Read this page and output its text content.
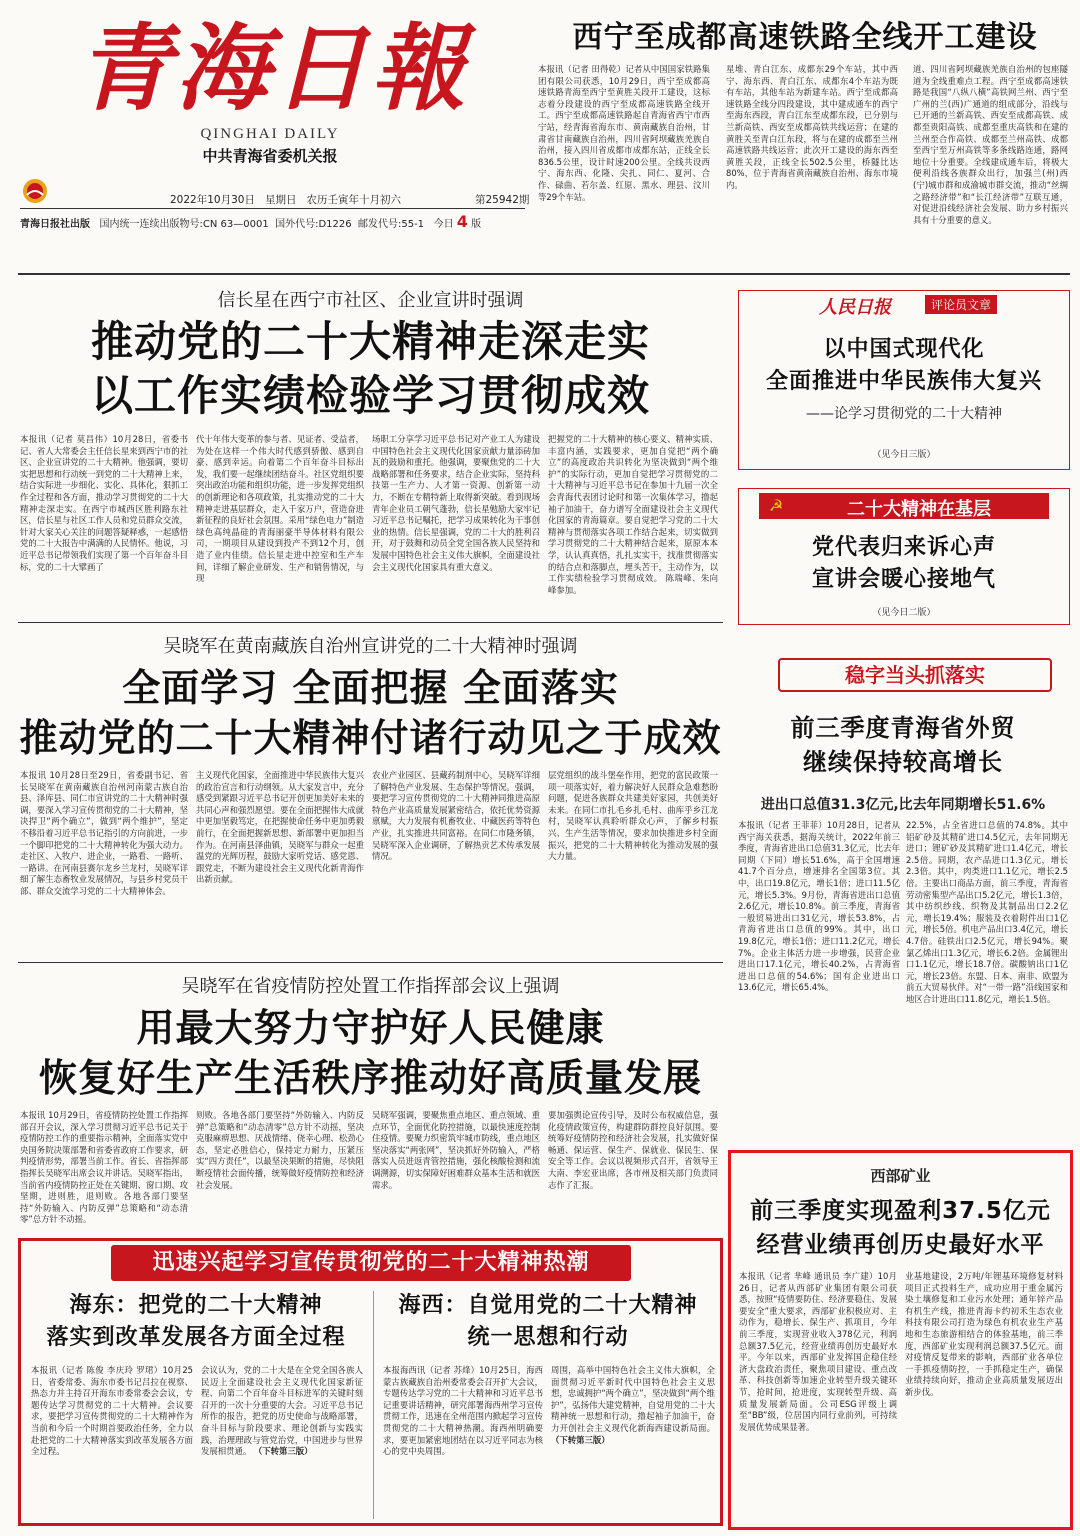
青海日報
QINGHAI DAILY
中共青海省委机关报
2022年10月30日 星期日 农历壬寅年十月初六	第25942期
青海日报社出版 国内统一连续出版物号:CN 63—0001 国外代号:D1226 邮发代号:55-1 今日 4 版
西宁至成都高速铁路全线开工建设
本报讯（记者 田得乾）记者从中国国家铁路集团有限公司获悉，10月29日，西宁至成都高速铁路青海至西宁至黄胜关段开工建设，这标志着分段建设的西宁至成都高速铁路全线开工。西宁至成都高速铁路起自青海省西宁市西宁站，经青海省海东市、黄南藏族自治州，甘肃省甘南藏族自治州，四川省阿坝藏族羌族自治州，接入四川省成都市成都东站，正线全长836.5公里，设计时速200公里。全线共设西宁、海东西、化隆、尖扎、同仁、夏河、合作、碌曲、若尔盖、红原、黑水、理县、汶川等29个车站。
星堆、青白江东、成都东29个车站，其中西宁、海东西、青白江东、成都东4个车站为既有车站，其他车站为新建车站。西宁至成都高速铁路全线分四段建设，其中建成通车的西宁至海东西段，青白江东至成都东段，已分别与兰新高铁、西安至成都高铁共线运营；在建的黄胜关至青白江东段，将与在建的成都至兰州高速铁路共线运营；此次开工建设的海东西至黄胜关段，正线全长502.5公里，桥隧比达80%，位于青海省黄南藏族自治州、海东市境内。
道、四川省阿坝藏族羌族自治州的包座隧道为全线重难点工程。西宁至成都高速铁路是我国“八纵八横”高铁网兰州、西宁至广州的兰(西)广通道的组成部分，沿线与已开通的兰新高铁、西安至成都高铁、成都至贵阳高铁、成都至重庆高铁和在建的兰州至合作高铁、成都至兰州高铁、成都至西宁至万州高铁等多条线路连通，路网地位十分重要。全线建成通车后，将极大便利沿线各族群众出行，加强兰(州)西(宁)城市群和成渝城市群交流，推动“丝绸之路经济带”和“长江经济带”互联互通，对促进沿线经济社会发展、助力乡村振兴具有十分重要的意义。
信长星在西宁市社区、企业宣讲时强调
推动党的二十大精神走深走实
以工作实绩检验学习贯彻成效
本报讯（记者 莫昌伟）10月28日，省委书记、省人大常委会主任信长星来到西宁市的社区、企业宣讲党的二十大精神。他强调，要切实把思想和行动统一到党的二十大精神上来，结合实际进一步细化、实化、具体化，狠抓工作全过程和各方面，推动学习贯彻党的二十大精神走深走实。在西宁市城西区胜利路东社区，信长星与社区工作人员和党员群众交流，针对大家关心关注的问题答疑释惑，一起感悟党的二十大报告中满满的人民情怀。他说，习近平总书记带领我们实现了第一个百年奋斗目标，党的二十大擘画了
代十年伟大变革的参与者、见证者、受益者，为处在这样一个伟大时代感到骄傲、感到自豪、感到幸运。向着第二个百年奋斗目标出发，我们要一起继续团结奋斗。社区党组织要突出政治功能和组织功能，进一步发挥党组织的创新理论和各项政策，扎实推动党的二十大精神走进基层群众，走入千家万户，营造奋进新征程的良好社会氛围。采用“绿色电力”制造绿色高纯晶硅的青海丽豪半导体材料有限公司，一期项目从建设到投产不到12个月，创造了业内佳绩。信长星走进中控室和生产车间，详细了解企业研发、生产和销售情况，与现
场职工分享学习近平总书记对产业工人为建设中国特色社会主义现代化国家贡献力量添砖加瓦的鼓励和重托。他强调，要聚焦党的二十大战略部署和任务要求，结合企业实际，坚持科技第一生产力、人才第一资源、创新第一动力，不断在专精特新上取得新突破。看到现场青年企业员工朝气蓬勃，信长星勉励大家牢记习近平总书记嘱托，把学习成果转化为干事创业的热情。信长星强调，党的二十大的胜利召开，对于鼓舞和动员全党全国各族人民坚持和发展中国特色社会主义伟大旗帜，全面建设社会主义现代化国家具有重大意义。
把握党的二十大精神的核心要义、精神实质、丰富内涵，实践要求，更加自觉把“两个确立”的高度政治共识转化为坚决做到“两个维护”的实际行动，更加自觉把学习贯彻党的二十大精神与习近平总书记在参加十九届一次全会青海代表团讨论时和第一次集体学习，撸起袖子加油干，奋力谱写全面建设社会主义现代化国家的青海篇章。要自觉把学习党的二十大精神与贯彻落实各项工作结合起来，切实做到学习贯彻党的二十大精神结合起来，原原本本学，认认真真悟，扎扎实实干，找准贯彻落实的结合点和落脚点，埋头苦干，主动作为，以工作实绩检验学习贯彻成效。 陈瑞峰、朱向峰参加。
人民日报	评论员文章
以中国式现代化
全面推进中华民族伟大复兴
——论学习贯彻党的二十大精神
（见今日三版）
☭	二十大精神在基层
党代表归来诉心声
宣讲会暖心接地气
（见今日二版）
吴晓军在黄南藏族自治州宣讲党的二十大精神时强调
全面学习 全面把握 全面落实
推动党的二十大精神付诸行动见之于成效
本报讯 10月28日至29日，省委副书记、省长吴晓军在黄南藏族自治州河南蒙古族自治县、泽库县、同仁市宣讲党的二十大精神时强调，要深入学习宣传贯彻党的二十大精神，坚决捍卫“两个确立”，做到“两个维护”，坚定不移沿着习近平总书记指引的方向前进，一步一个脚印把党的二十大精神转化为强大动力。走社区、入牧户、进企业，一路看、一路听、一路讲。在河南县赛尔龙乡兰龙村，吴晓军详细了解生态畜牧业发展情况，与县乡村党员干部、群众交流学习党的二十大精神体会。
主义现代化国家，全面推进中华民族伟大复兴的政治宣言和行动纲领。从大家发言中，充分感受到紧跟习近平总书记开创更加美好未来的共同心声和强烈愿望。要在全面把握伟大成就中更加坚毅笃定，在把握使命任务中更加勇毅前行，在全面把握新思想、新部署中更加担当作为。在河南县泽曲镇，吴晓军与群众一起重温党的光辉历程，鼓励大家听党话、感党恩、跟党走，不断为建设社会主义现代化新青海作出新贡献。
农业产业园区、县藏药制剂中心，吴晓军详细了解特色产业发展、生态保护等情况。强调，要把学习宣传贯彻党的二十大精神同推进高原特色产业高质量发展紧密结合，依托优势资源禀赋，大力发展有机畜牧业、中藏医药等特色产业，扎实推进共同富裕。在同仁市隆务镇，吴晓军深入企业调研，了解热贡艺术传承发展情况。
层党组织的战斗堡垒作用，把党的富民政策一项一项落实好，着力解决好人民群众急难愁盼问题，促进各族群众共建美好家园，共创美好未来。在同仁市扎毛乡扎毛村、曲库乎乡江龙村，吴晓军认真聆听群众心声，了解乡村振兴、生产生活等情况，要求加快推进乡村全面振兴，把党的二十大精神转化为推动发展的强大力量。
稳字当头抓落实
前三季度青海省外贸
继续保持较高增长
进出口总值31.3亿元,比去年同期增长51.6%
本报讯（记者 王菲菲）10月28日，记者从西宁海关获悉，据海关统计，2022年前三季度，青海省进出口总值31.3亿元，比去年同期（下同）增长51.6%，高于全国增速41.7个百分点，增速排名全国第3位。其中，出口19.8亿元，增长1倍；进口11.5亿元，增长5.3%。9月份，青海省进出口总值2.6亿元，增长10.8%。前三季度，青海省一般贸易进出口31亿元，增长53.8%，占青海省进出口总值的99%。其中，出口19.8亿元，增长1倍；进口11.2亿元，增长7%。企业主体活力进一步增强，民营企业进出口17.1亿元，增长40.2%，占青海省进出口总值的54.6%；国有企业进出口13.6亿元，增长65.4%。
22.5%，占全省进口总值的74.8%。其中铝矿砂及其精矿进口4.5亿元，去年同期无进口；锂矿砂及其精矿进口1.4亿元，增长2.5倍。同期，农产品进口1.3亿元，增长2.3倍。其中，肉类进口1.1亿元，增长2.5倍。主要出口商品方面，前三季度，青海省劳动密集型产品出口5.2亿元，增长1.3倍，其中纺织纱线、织物及其制品出口2.2亿元，增长19.4%；服装及衣着附件出口1亿元，增长5倍。机电产品出口3.4亿元，增长4.7倍。硅铁出口2.5亿元，增长94%。聚氯乙烯出口1.3亿元，增长6.2倍。金属锂出口1.1亿元，增长18.7倍。碳酸钠出口1亿元，增长23倍。东盟、日本、南非、欧盟为前五大贸易伙伴。对“一带一路”沿线国家和地区合计进出口11.8亿元，增长1.5倍。
吴晓军在省疫情防控处置工作指挥部会议上强调
用最大努力守护好人民健康
恢复好生产生活秩序推动好高质量发展
本报讯 10月29日，省疫情防控处置工作指挥部召开会议，深入学习贯彻习近平总书记关于疫情防控工作的重要指示精神，全面落实党中央国务院决策部署和省委省政府工作要求，研判疫情形势，部署当前工作。省长、省指挥部指挥长吴晓军出席会议并讲话。吴晓军指出，当前省内疫情防控正处在关键期、窗口期、攻坚期，进则胜，退则败。各地各部门要坚持“外防输入、内防反弹”总策略和“动态清零”总方针不动摇。
则败。各地各部门要坚持“外防输入、内防反弹”总策略和“动态清零”总方针不动摇，坚决克服麻痹思想、厌战情绪、侥幸心理、松劲心态，坚定必胜信心，保持定力耐力，压紧压实“四方责任”，以最坚决果断的措施，尽快阻断疫情社会面传播，统筹做好疫情防控和经济社会发展。
吴晓军强调，要聚焦重点地区、重点领域、重点环节，全面优化防控措施，以最快速度控制住疫情。要聚力织密筑牢城市防线，重点地区坚决落实“两张网”，坚决抓好外防输入，严格落实人员进返青管控措施，强化核酸检测和流调溯源，切实保障好困难群众基本生活和就医需求。
要加强舆论宣传引导，及时公布权威信息，强化疫情政策宣传，构建群防群控良好氛围。要统筹好疫情防控和经济社会发展，扎实做好保畅通、保运营、保生产、保就业、保民生、保安全等工作。会议以视频形式召开，省领导王大南、李宏亚出席，各市州及相关部门负责同志作了汇报。
迅速兴起学习宣传贯彻党的二十大精神热潮
海东：把党的二十大精神
落实到改革发展各方面全过程
本报讯（记者 陈俊 李庆玲 罗珺）10月25日，省委常委、海东市委书记吕拉在视察、热态力并主持召开海东市委常委会会议，专题传达学习贯彻党的二十大精神。会议要求，要把学习宣传贯彻党的二十大精神作为当前和今后一个时期首要政治任务，全力以赴把党的二十大精神落实到改革发展各方面全过程。
会议认为，党的二十大是在全党全国各族人民迈上全面建设社会主义现代化国家新征程、向第二个百年奋斗目标进军的关键时刻召开的一次十分重要的大会。习近平总书记所作的报告，把党的历史使命与战略部署，奋斗目标与阶段要求、理论创新与实践实践，治理理政与管党治党，中国进步与世界发展相贯通。 （下转第三版）
海西：自觉用党的二十大精神
统一思想和行动
本报海西讯（记者 苏烽）10月25日，海西蒙古族藏族自治州委常委会召开扩大会议，专题传达学习党的二十大精神和习近平总书记重要讲话精神，研究部署海西州学习宣传贯彻工作，迅速在全州范围内掀起学习宣传贯彻党的二十大精神热潮。海西州明确要求，要更加紧密地团结在以习近平同志为核心的党中央周围。
周围，高举中国特色社会主义伟大旗帜，全面贯彻习近平新时代中国特色社会主义思想，忠诚拥护“两个确立”，坚决做到“两个维护”，弘扬伟大建党精神，自觉用党的二十大精神统一思想和行动，撸起袖子加油干，奋力开创社会主义现代化新海西建设新局面。 （下转第三版）
西部矿业
前三季度实现盈利37.5亿元
经营业绩再创历史最好水平
本报讯（记者 芈峰 通讯员 李广建）10月26日，记者从西部矿业集团有限公司获悉，按照“疫情要防住、经济要稳住、发展要安全”重大要求，西部矿业积极应对、主动作为，稳增长、保生产、抓项目，今年前三季度，实现营业收入378亿元，利润总额37.5亿元，经营业绩再创历史最好水平。今年以来，西部矿业发挥国企稳住经济大盘政治责任，聚焦项目建设、重点改革、科技创新等加速企业转型升级关键环节，抢时间，抢进度，实现转型升级、高质量发展新局面。公司ESG评级上调至“BB”级，位居国内同行业前列，可持续发展优势成果显著。
业基地建设，2万吨/年锂基环境修复材料项目正式投料生产，成功应用于重金属污染土壤修复和工业污水处理；通年锌产品有机生产线，推进青海卡约初禾生态农业科技有限公司打造为绿色有机农业生产基地和生态旅游相结合的体验基地，前三季度，西部矿业实现利润总额37.5亿元。面对疫情反复带来的影响，西部矿业各单位一手抓疫情防控，一手抓稳定生产，确保业绩持续向好，推动企业高质量发展迈出新步伐。
